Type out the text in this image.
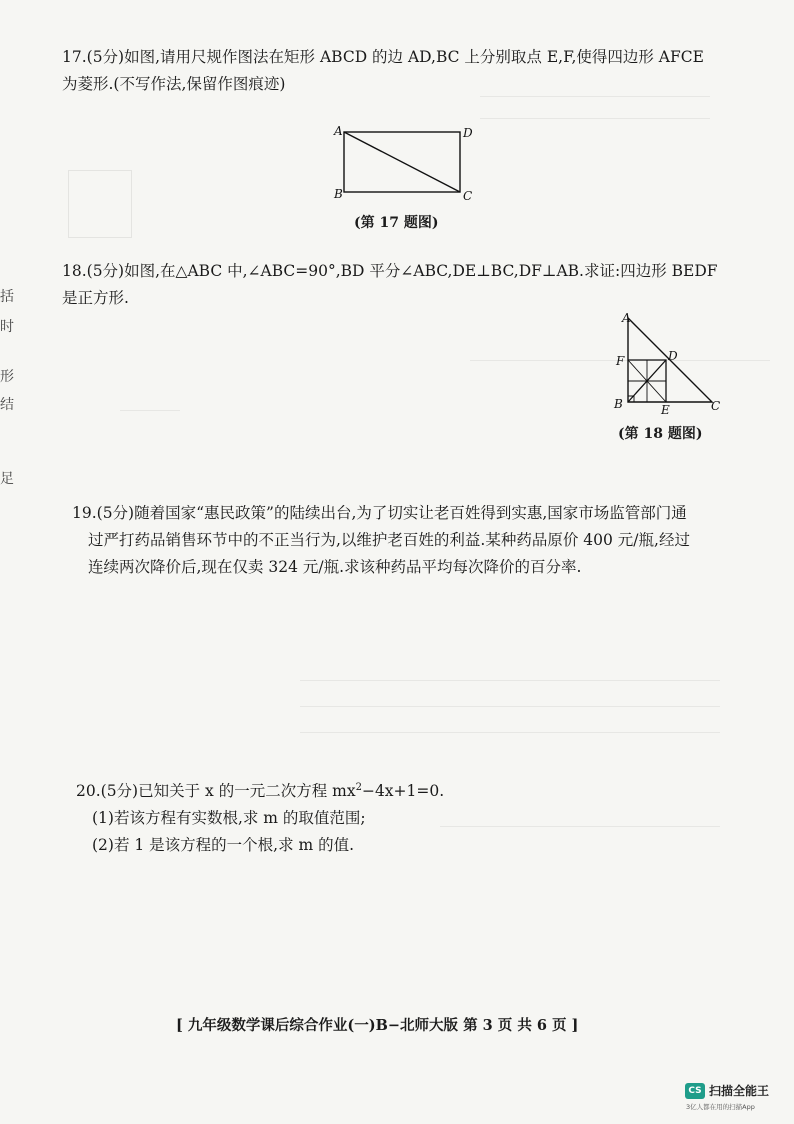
括
时
形
结
足
17.(5分)如图,请用尺规作图法在矩形 ABCD 的边 AD,BC 上分别取点 E,F,使得四边形 AFCE
为菱形.(不写作法,保留作图痕迹)
A	D
B	C
(第 17 题图)
18.(5分)如图,在△ABC 中,∠ABC=90°,BD 平分∠ABC,DE⊥BC,DF⊥AB.求证:四边形 BEDF
是正方形.
A
F	D
B	E	C
(第 18 题图)
19.(5分)随着国家“惠民政策”的陆续出台,为了切实让老百姓得到实惠,国家市场监管部门通
过严打药品销售环节中的不正当行为,以维护老百姓的利益.某种药品原价 400 元/瓶,经过
连续两次降价后,现在仅卖 324 元/瓶.求该种药品平均每次降价的百分率.
20.(5分)已知关于 x 的一元二次方程 $mx^2-4x+1=0$.
(1)若该方程有实数根,求 m 的取值范围;
(2)若 1 是该方程的一个根,求 m 的值.
[ 九年级数学课后综合作业(一)B−北师大版 第 3 页 共 6 页 ]
CS 扫描全能王
3亿人都在用的扫描App
